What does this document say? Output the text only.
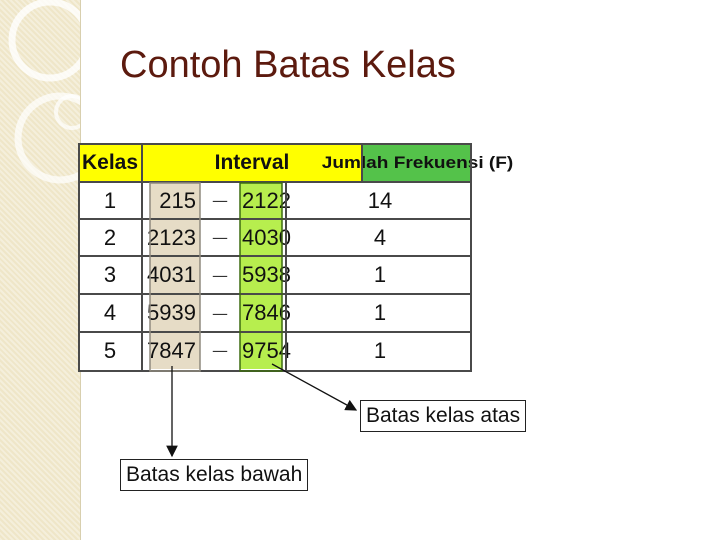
Contoh Batas Kelas
Kelas	Interval	Jumlah Frekuensi (F)
1	215	— 2122	14
2	2123	— 4030	4
3	4031	— 5938	1
4	5939	— 7846	1
5	7847	— 9754	1
Batas kelas atas
Batas kelas bawah
